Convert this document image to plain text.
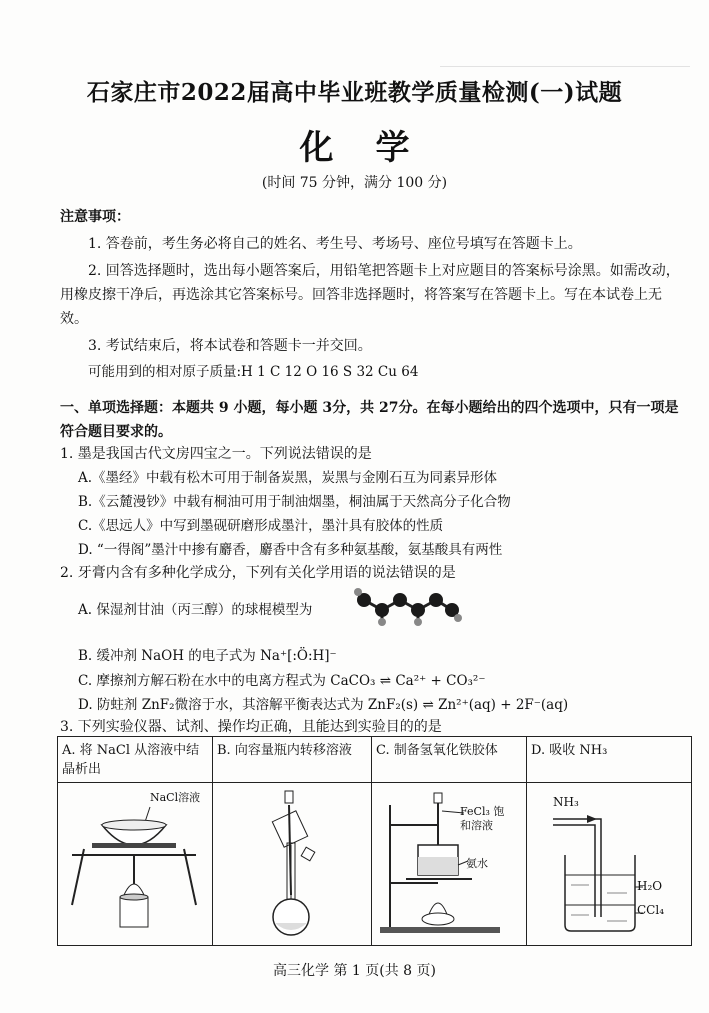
石家庄市2022届高中毕业班教学质量检测(一)试题
化学
(时间 75 分钟，满分 100 分)
注意事项：
1. 答卷前，考生务必将自己的姓名、考生号、考场号、座位号填写在答题卡上。
2. 回答选择题时，选出每小题答案后，用铅笔把答题卡上对应题目的答案标号涂黑。如需改动，用橡皮擦干净后，再选涂其它答案标号。回答非选择题时，将答案写在答题卡上。写在本试卷上无效。
3. 考试结束后，将本试卷和答题卡一并交回。
可能用到的相对原子质量:H 1 C 12 O 16 S 32 Cu 64
一、单项选择题：本题共 9 小题，每小题 3分，共 27分。在每小题给出的四个选项中，只有一项是符合题目要求的。
1. 墨是我国古代文房四宝之一。下列说法错误的是
A.《墨经》中载有松木可用于制备炭黑，炭黑与金刚石互为同素异形体
B.《云麓漫钞》中载有桐油可用于制油烟墨，桐油属于天然高分子化合物
C.《思远人》中写到墨砚研磨形成墨汁，墨汁具有胶体的性质
D. “一得阁”墨汁中掺有麝香，麝香中含有多种氨基酸，氨基酸具有两性
2. 牙膏内含有多种化学成分，下列有关化学用语的说法错误的是
A. 保湿剂甘油（丙三醇）的球棍模型为
B. 缓冲剂 NaOH 的电子式为 Na⁺[:Ö:H]⁻
C. 摩擦剂方解石粉在水中的电离方程式为 CaCO₃ ⇌ Ca²⁺ + CO₃²⁻
D. 防蛀剂 ZnF₂微溶于水，其溶解平衡表达式为 ZnF₂(s) ⇌ Zn²⁺(aq) + 2F⁻(aq)
3. 下列实验仪器、试剂、操作均正确，且能达到实验目的的是
A. 将 NaCl 从溶液中结晶析出	B. 向容量瓶内转移溶液	C. 制备氢氧化铁胶体	D. 吸收 NH₃

NaCl溶液		FeCl₃ 饱和溶液
氨水	NH₃
H₂O
CCl₄
高三化学 第 1 页(共 8 页)
